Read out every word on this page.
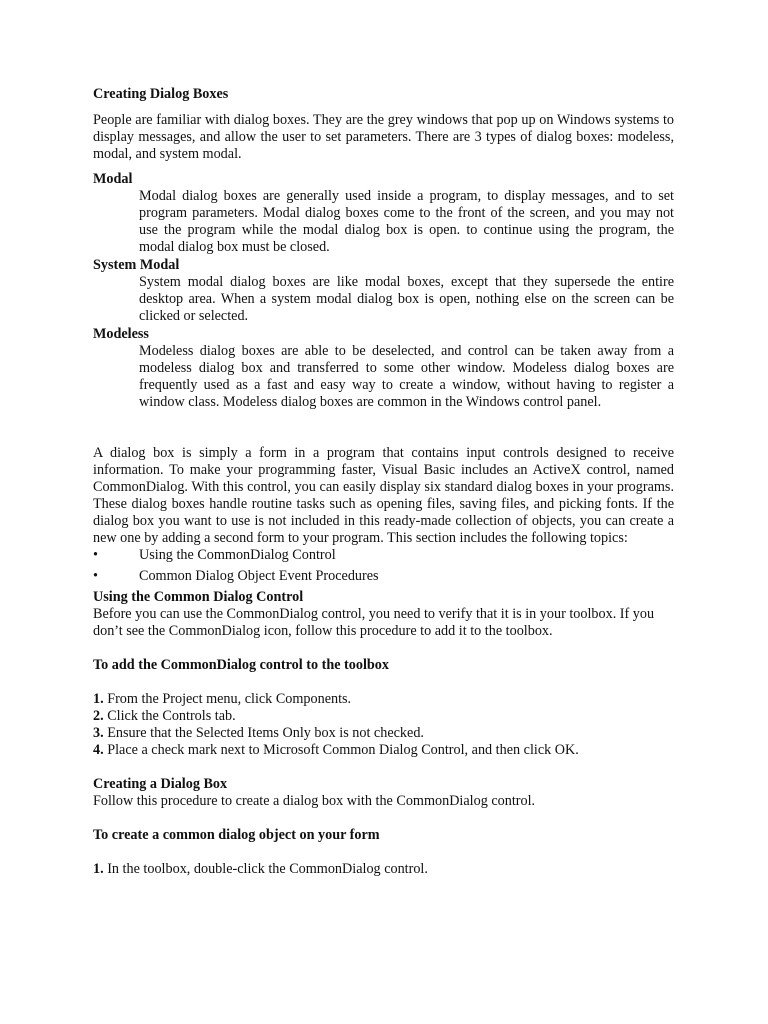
Creating Dialog Boxes

People are familiar with dialog boxes. They are the grey windows that pop up on Windows systems to display messages, and allow the user to set parameters. There are 3 types of dialog boxes: modeless, modal, and system modal.

Modal

Modal dialog boxes are generally used inside a program, to display messages, and to set program parameters. Modal dialog boxes come to the front of the screen, and you may not use the program while the modal dialog box is open. to continue using the program, the modal dialog box must be closed.

System Modal

System modal dialog boxes are like modal boxes, except that they supersede the entire desktop area. When a system modal dialog box is open, nothing else on the screen can be clicked or selected.

Modeless

Modeless dialog boxes are able to be deselected, and control can be taken away from a modeless dialog box and transferred to some other window. Modeless dialog boxes are frequently used as a fast and easy way to create a window, without having to register a window class. Modeless dialog boxes are common in the Windows control panel.

A dialog box is simply a form in a program that contains input controls designed to receive information. To make your programming faster, Visual Basic includes an ActiveX control, named CommonDialog. With this control, you can easily display six standard dialog boxes in your programs. These dialog boxes handle routine tasks such as opening files, saving files, and picking fonts. If the dialog box you want to use is not included in this ready-made collection of objects, you can create a new one by adding a second form to your program. This section includes the following topics:

•	Using the CommonDialog Control
•	Common Dialog Object Event Procedures

Using the Common Dialog Control

Before you can use the CommonDialog control, you need to verify that it is in your toolbox. If you don’t see the CommonDialog icon, follow this procedure to add it to the toolbox.

To add the CommonDialog control to the toolbox

1. From the Project menu, click Components.

2. Click the Controls tab.

3. Ensure that the Selected Items Only box is not checked.

4. Place a check mark next to Microsoft Common Dialog Control, and then click OK.

Creating a Dialog Box

Follow this procedure to create a dialog box with the CommonDialog control.

To create a common dialog object on your form

1. In the toolbox, double-click the CommonDialog control.
